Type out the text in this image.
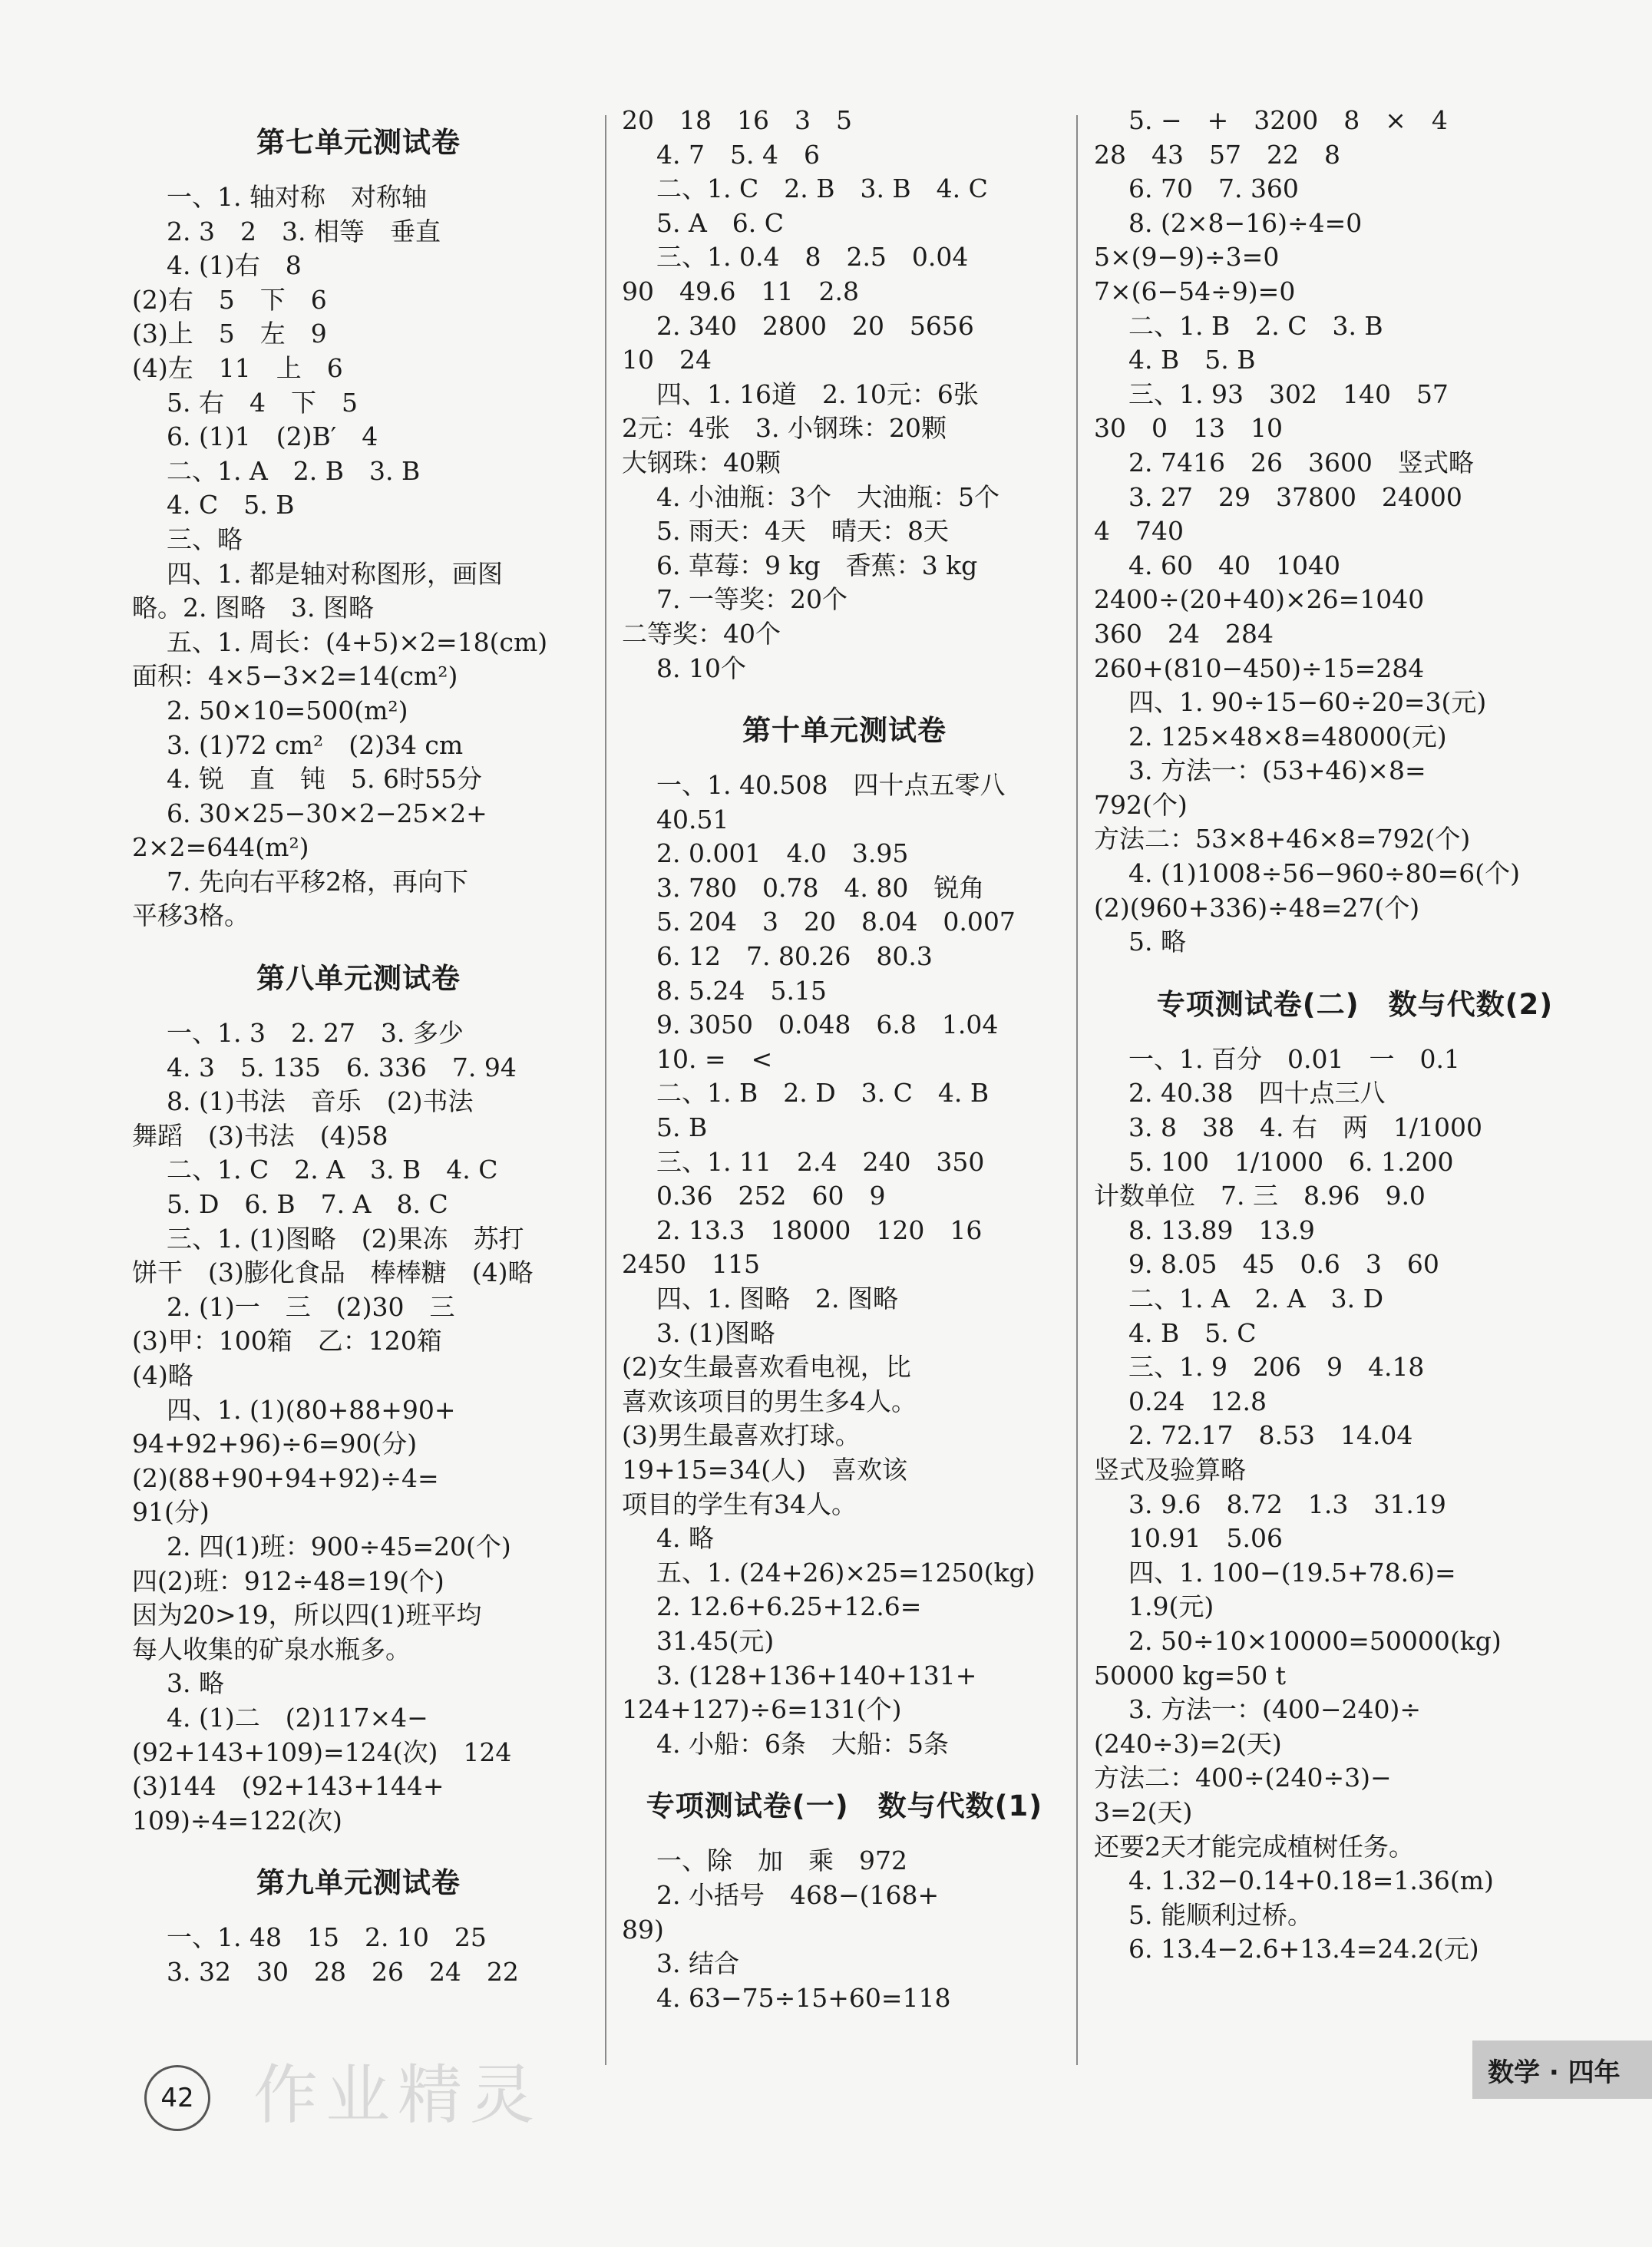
第七单元测试卷
一、1. 轴对称　对称轴
2. 3　2　3. 相等　垂直
4. (1)右　8
(2)右　5　下　6
(3)上　5　左　9
(4)左　11　上　6
5. 右　4　下　5
6. (1)1　(2)B′　4
二、1. A　2. B　3. B
4. C　5. B
三、略
四、1. 都是轴对称图形，画图
略。2. 图略　3. 图略
五、1. 周长：(4+5)×2=18(cm)
面积：4×5−3×2=14(cm²)
2. 50×10=500(m²)
3. (1)72 cm²　(2)34 cm
4. 锐　直　钝　5. 6时55分
6. 30×25−30×2−25×2+
2×2=644(m²)
7. 先向右平移2格，再向下
平移3格。
第八单元测试卷
一、1. 3　2. 27　3. 多少
4. 3　5. 135　6. 336　7. 94
8. (1)书法　音乐　(2)书法
舞蹈　(3)书法　(4)58
二、1. C　2. A　3. B　4. C
5. D　6. B　7. A　8. C
三、1. (1)图略　(2)果冻　苏打
饼干　(3)膨化食品　棒棒糖　(4)略
2. (1)一　三　(2)30　三
(3)甲：100箱　乙：120箱
(4)略
四、1. (1)(80+88+90+
94+92+96)÷6=90(分)
(2)(88+90+94+92)÷4=
91(分)
2. 四(1)班：900÷45=20(个)
四(2)班：912÷48=19(个)
因为20>19，所以四(1)班平均
每人收集的矿泉水瓶多。
3. 略
4. (1)二　(2)117×4−
(92+143+109)=124(次)　124
(3)144　(92+143+144+
109)÷4=122(次)
第九单元测试卷
一、1. 48　15　2. 10　25
3. 32　30　28　26　24　22
20　18　16　3　5
4. 7　5. 4　6
二、1. C　2. B　3. B　4. C
5. A　6. C
三、1. 0.4　8　2.5　0.04
90　49.6　11　2.8
2. 340　2800　20　5656
10　24
四、1. 16道　2. 10元：6张
2元：4张　3. 小钢珠：20颗
大钢珠：40颗
4. 小油瓶：3个　大油瓶：5个
5. 雨天：4天　晴天：8天
6. 草莓：9 kg　香蕉：3 kg
7. 一等奖：20个
二等奖：40个
8. 10个
第十单元测试卷
一、1. 40.508　四十点五零八
40.51
2. 0.001　4.0　3.95
3. 780　0.78　4. 80　锐角
5. 204　3　20　8.04　0.007
6. 12　7. 80.26　80.3
8. 5.24　5.15
9. 3050　0.048　6.8　1.04
10. =　<
二、1. B　2. D　3. C　4. B
5. B
三、1. 11　2.4　240　350
0.36　252　60　9
2. 13.3　18000　120　16
2450　115
四、1. 图略　2. 图略
3. (1)图略
(2)女生最喜欢看电视，比
喜欢该项目的男生多4人。
(3)男生最喜欢打球。
19+15=34(人)　喜欢该
项目的学生有34人。
4. 略
五、1. (24+26)×25=1250(kg)
2. 12.6+6.25+12.6=
31.45(元)
3. (128+136+140+131+
124+127)÷6=131(个)
4. 小船：6条　大船：5条
专项测试卷(一)　数与代数(1)
一、除　加　乘　972
2. 小括号　468−(168+
89)
3. 结合
4. 63−75÷15+60=118
5. −　+　3200　8　×　4
28　43　57　22　8
6. 70　7. 360
8. (2×8−16)÷4=0
5×(9−9)÷3=0
7×(6−54÷9)=0
二、1. B　2. C　3. B
4. B　5. B
三、1. 93　302　140　57
30　0　13　10
2. 7416　26　3600　竖式略
3. 27　29　37800　24000
4　740
4. 60　40　1040
2400÷(20+40)×26=1040
360　24　284
260+(810−450)÷15=284
四、1. 90÷15−60÷20=3(元)
2. 125×48×8=48000(元)
3. 方法一：(53+46)×8=
792(个)
方法二：53×8+46×8=792(个)
4. (1)1008÷56−960÷80=6(个)
(2)(960+336)÷48=27(个)
5. 略
专项测试卷(二)　数与代数(2)
一、1. 百分　0.01　一　0.1
2. 40.38　四十点三八
3. 8　38　4. 右　两　1/1000
5. 100　1/1000　6. 1.200
计数单位　7. 三　8.96　9.0
8. 13.89　13.9
9. 8.05　45　0.6　3　60
二、1. A　2. A　3. D
4. B　5. C
三、1. 9　206　9　4.18
0.24　12.8
2. 72.17　8.53　14.04
竖式及验算略
3. 9.6　8.72　1.3　31.19
10.91　5.06
四、1. 100−(19.5+78.6)=
1.9(元)
2. 50÷10×10000=50000(kg)
50000 kg=50 t
3. 方法一：(400−240)÷
(240÷3)=2(天)
方法二：400÷(240÷3)−
3=2(天)
还要2天才能完成植树任务。
4. 1.32−0.14+0.18=1.36(m)
5. 能顺利过桥。
6. 13.4−2.6+13.4=24.2(元)
42 作业精灵	数学 · 四年
